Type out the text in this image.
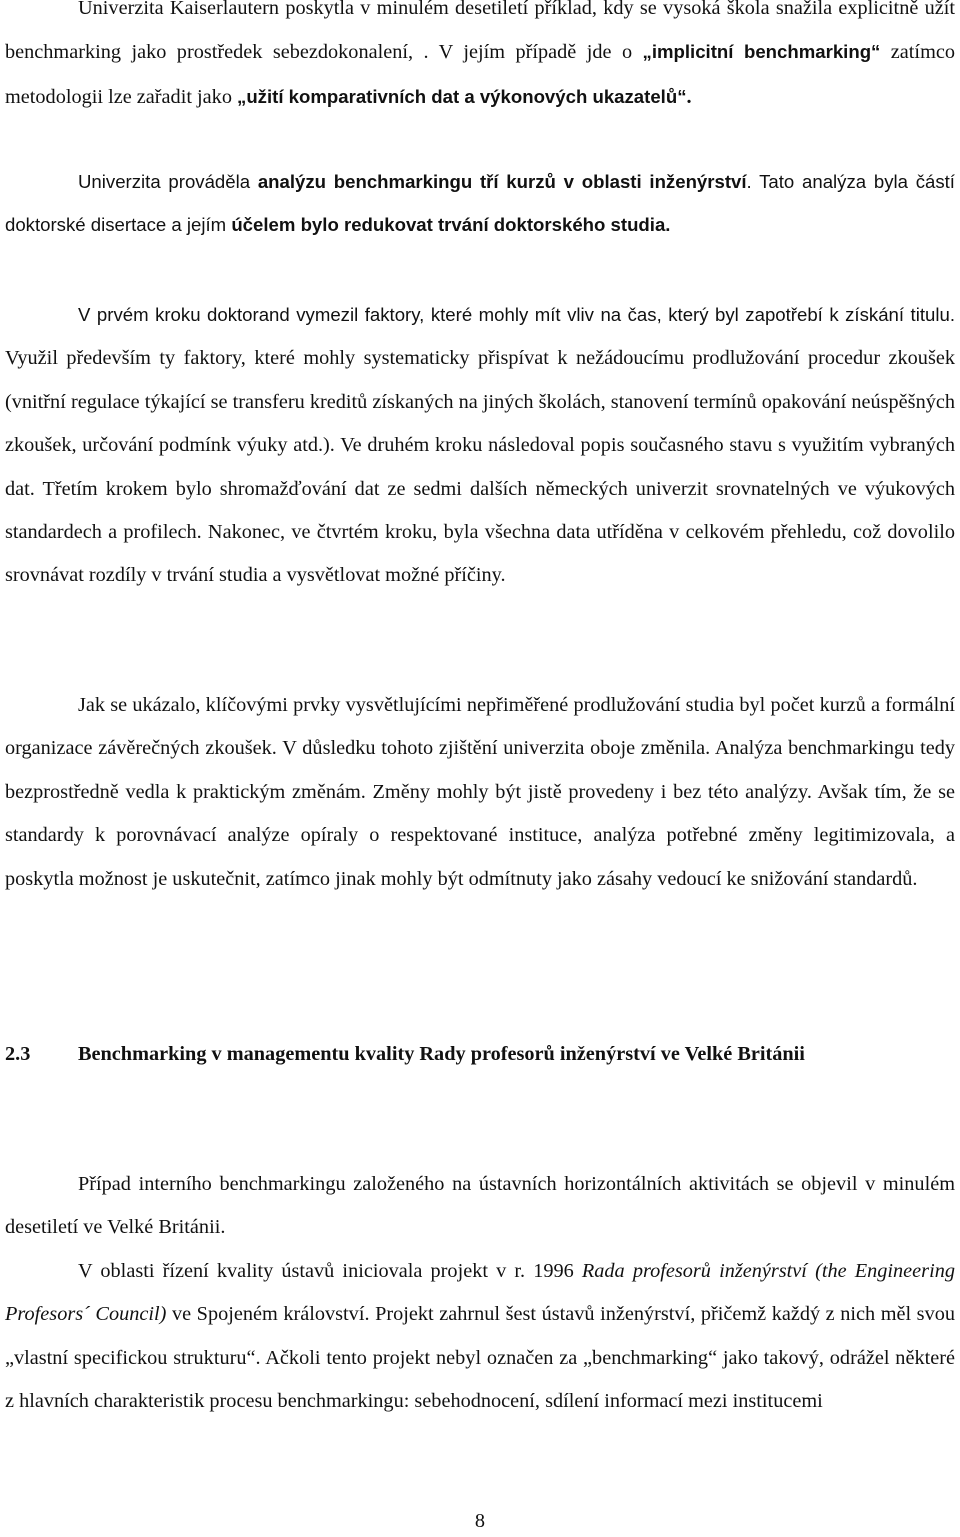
Univerzita Kaiserlautern poskytla v minulém desetiletí příklad, kdy se vysoká škola snažila explicitně užít benchmarking jako prostředek sebezdokonalení, . V jejím případě jde o „implicitní benchmarking“ zatímco metodologii lze zařadit jako „užití komparativních dat a výkonových ukazatelů“.

Univerzita prováděla analýzu benchmarkingu tří kurzů v oblasti inženýrství. Tato analýza byla částí doktorské disertace a jejím účelem bylo redukovat trvání doktorského studia.

V prvém kroku doktorand vymezil faktory, které mohly mít vliv na čas, který byl zapotřebí k získání titulu. Využil především ty faktory, které mohly systematicky přispívat k nežádoucímu prodlužování procedur zkoušek (vnitřní regulace týkající se transferu kreditů získaných na jiných školách, stanovení termínů opakování neúspěšných zkoušek, určování podmínk výuky atd.). Ve druhém kroku následoval popis současného stavu s využitím vybraných dat. Třetím krokem bylo shromažďování dat ze sedmi dalších německých univerzit srovnatelných ve výukových standardech a profilech. Nakonec, ve čtvrtém kroku, byla všechna data utříděna v celkovém přehledu, což dovolilo srovnávat rozdíly v trvání studia a vysvětlovat možné příčiny.

Jak se ukázalo, klíčovými prvky vysvětlujícími nepřiměřené prodlužování studia byl počet kurzů a formální organizace závěrečných zkoušek. V důsledku tohoto zjištění univerzita oboje změnila. Analýza benchmarkingu tedy bezprostředně vedla k praktickým změnám. Změny mohly být jistě provedeny i bez této analýzy. Avšak tím, že se standardy k porovnávací analýze opíraly o respektované instituce, analýza potřebné změny legitimizovala, a poskytla možnost je uskutečnit, zatímco jinak mohly být odmítnuty jako zásahy vedoucí ke snižování standardů.

2.3 Benchmarking v managementu kvality Rady profesorů inženýrství ve Velké Británii

Případ interního benchmarkingu založeného na ústavních horizontálních aktivitách se objevil v minulém desetiletí ve Velké Británii.

V oblasti řízení kvality ústavů iniciovala projekt v r. 1996 Rada profesorů inženýrství (the Engineering Profesors´ Council) ve Spojeném království. Projekt zahrnul šest ústavů inženýrství, přičemž každý z nich měl svou „vlastní specifickou strukturu“. Ačkoli tento projekt nebyl označen za „benchmarking“ jako takový, odrážel některé z hlavních charakteristik procesu benchmarkingu: sebehodnocení, sdílení informací mezi institucemi

8
